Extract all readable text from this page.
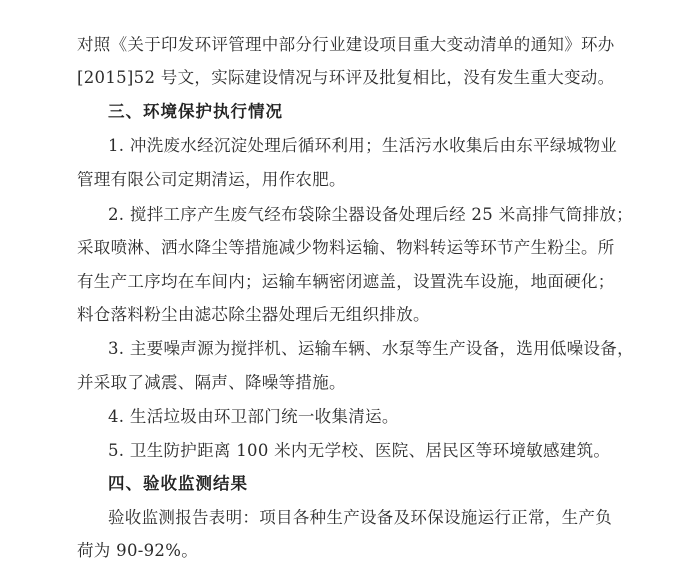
对照《关于印发环评管理中部分行业建设项目重大变动清单的通知》环办
[2015]52 号文，实际建设情况与环评及批复相比，没有发生重大变动。
三、环境保护执行情况
1. 冲洗废水经沉淀处理后循环利用；生活污水收集后由东平绿城物业
管理有限公司定期清运，用作农肥。
2. 搅拌工序产生废气经布袋除尘器设备处理后经 25 米高排气筒排放；
采取喷淋、洒水降尘等措施减少物料运输、物料转运等环节产生粉尘。所
有生产工序均在车间内；运输车辆密闭遮盖，设置洗车设施，地面硬化；
料仓落料粉尘由滤芯除尘器处理后无组织排放。
3. 主要噪声源为搅拌机、运输车辆、水泵等生产设备，选用低噪设备，
并采取了减震、隔声、降噪等措施。
4. 生活垃圾由环卫部门统一收集清运。
5. 卫生防护距离 100 米内无学校、医院、居民区等环境敏感建筑。
四、验收监测结果
验收监测报告表明：项目各种生产设备及环保设施运行正常，生产负
荷为 90-92%。
